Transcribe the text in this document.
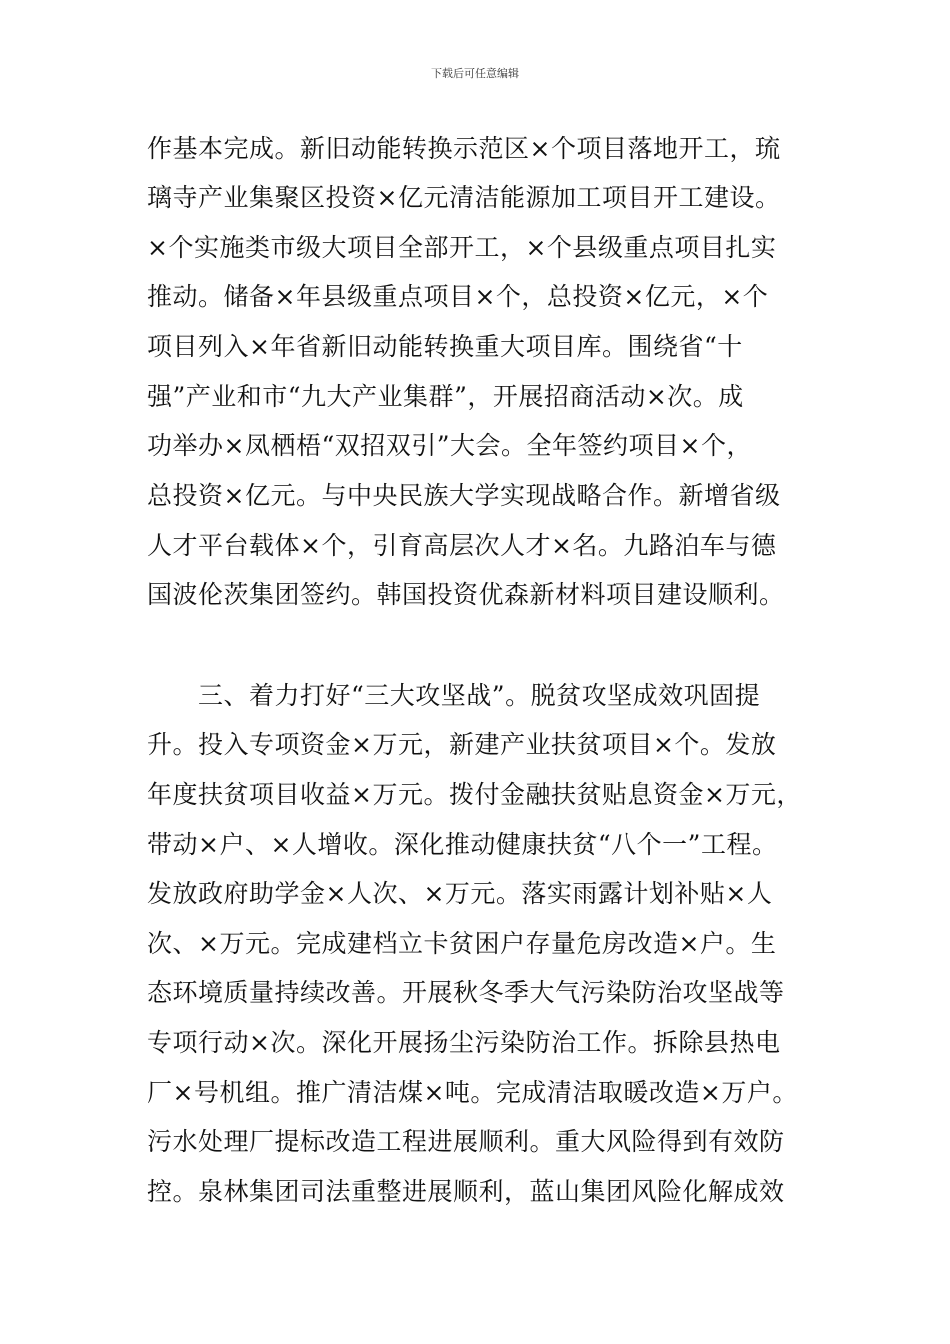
下载后可任意编辑
作基本完成。新旧动能转换示范区×个项目落地开工，琉
璃寺产业集聚区投资×亿元清洁能源加工项目开工建设。
×个实施类市级大项目全部开工，×个县级重点项目扎实
推动。储备×年县级重点项目×个，总投资×亿元，×个
项目列入×年省新旧动能转换重大项目库。围绕省“十
强”产业和市“九大产业集群”，开展招商活动×次。成
功举办×凤栖梧“双招双引”大会。全年签约项目×个，
总投资×亿元。与中央民族大学实现战略合作。新增省级
人才平台载体×个，引育高层次人才×名。九路泊车与德
国波伦茨集团签约。韩国投资优森新材料项目建设顺利。
　　三、着力打好“三大攻坚战”。脱贫攻坚成效巩固提
升。投入专项资金×万元，新建产业扶贫项目×个。发放
年度扶贫项目收益×万元。拨付金融扶贫贴息资金×万元，
带动×户、×人增收。深化推动健康扶贫“八个一”工程。
发放政府助学金×人次、×万元。落实雨露计划补贴×人
次、×万元。完成建档立卡贫困户存量危房改造×户。生
态环境质量持续改善。开展秋冬季大气污染防治攻坚战等
专项行动×次。深化开展扬尘污染防治工作。拆除县热电
厂×号机组。推广清洁煤×吨。完成清洁取暖改造×万户。
污水处理厂提标改造工程进展顺利。重大风险得到有效防
控。泉林集团司法重整进展顺利，蓝山集团风险化解成效
